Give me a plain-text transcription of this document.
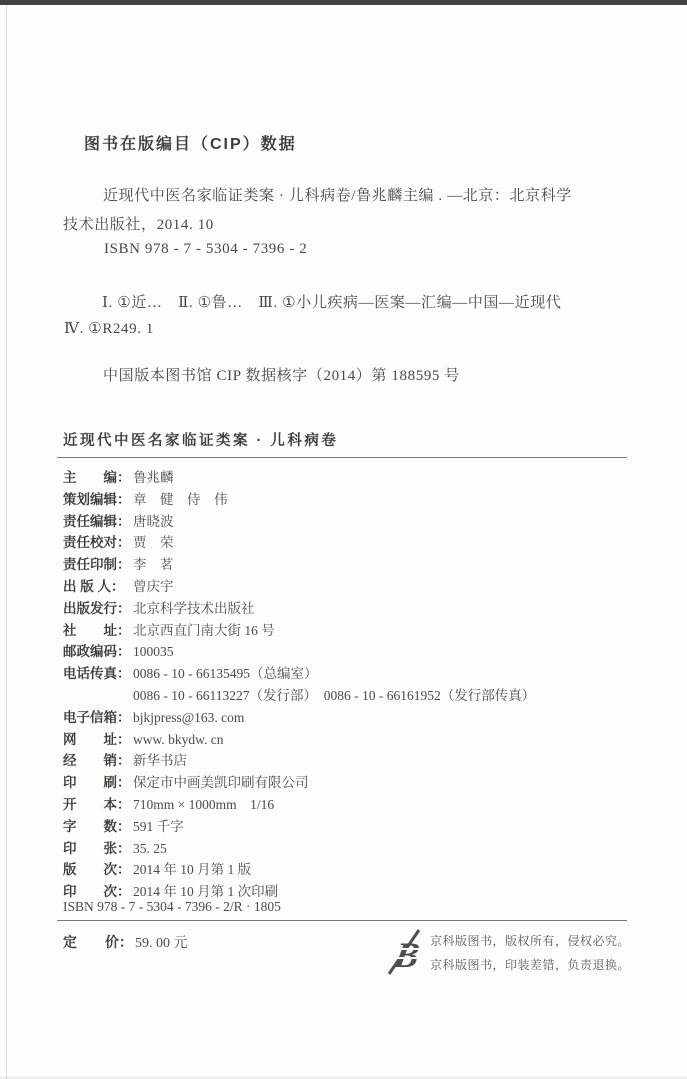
图书在版编目（CIP）数据
近现代中医名家临证类案 · 儿科病卷/鲁兆麟主编 . —北京：北京科学
技术出版社，2014. 10
ISBN 978 - 7 - 5304 - 7396 - 2
Ⅰ. ①近…　Ⅱ. ①鲁…　Ⅲ. ①小儿疾病—医案—汇编—中国—近现代
Ⅳ. ①R249. 1
中国版本图书馆 CIP 数据核字（2014）第 188595 号
近现代中医名家临证类案 · 儿科病卷
主　　编： 鲁兆麟
策划编辑： 章　健　侍　伟
责任编辑： 唐晓波
责任校对： 贾　荣
责任印制： 李　茗
出 版 人： 曾庆宇
出版发行： 北京科学技术出版社
社　　址： 北京西直门南大街 16 号
邮政编码： 100035
电话传真： 0086 - 10 - 66135495（总编室）
0086 - 10 - 66113227（发行部）　0086 - 10 - 66161952（发行部传真）
电子信箱： bjkjpress@163. com
网　　址： www. bkydw. cn
经　　销： 新华书店
印　　刷： 保定市中画美凯印刷有限公司
开　　本： 710mm × 1000mm　1/16
字　　数： 591 千字
印　　张： 35. 25
版　　次： 2014 年 10 月第 1 版
印　　次： 2014 年 10 月第 1 次印刷
ISBN 978 - 7 - 5304 - 7396 - 2/R · 1805
定　　价： 59. 00 元	B 京科版图书，版权所有，侵权必究。
京科版图书，印装差错，负责退换。
